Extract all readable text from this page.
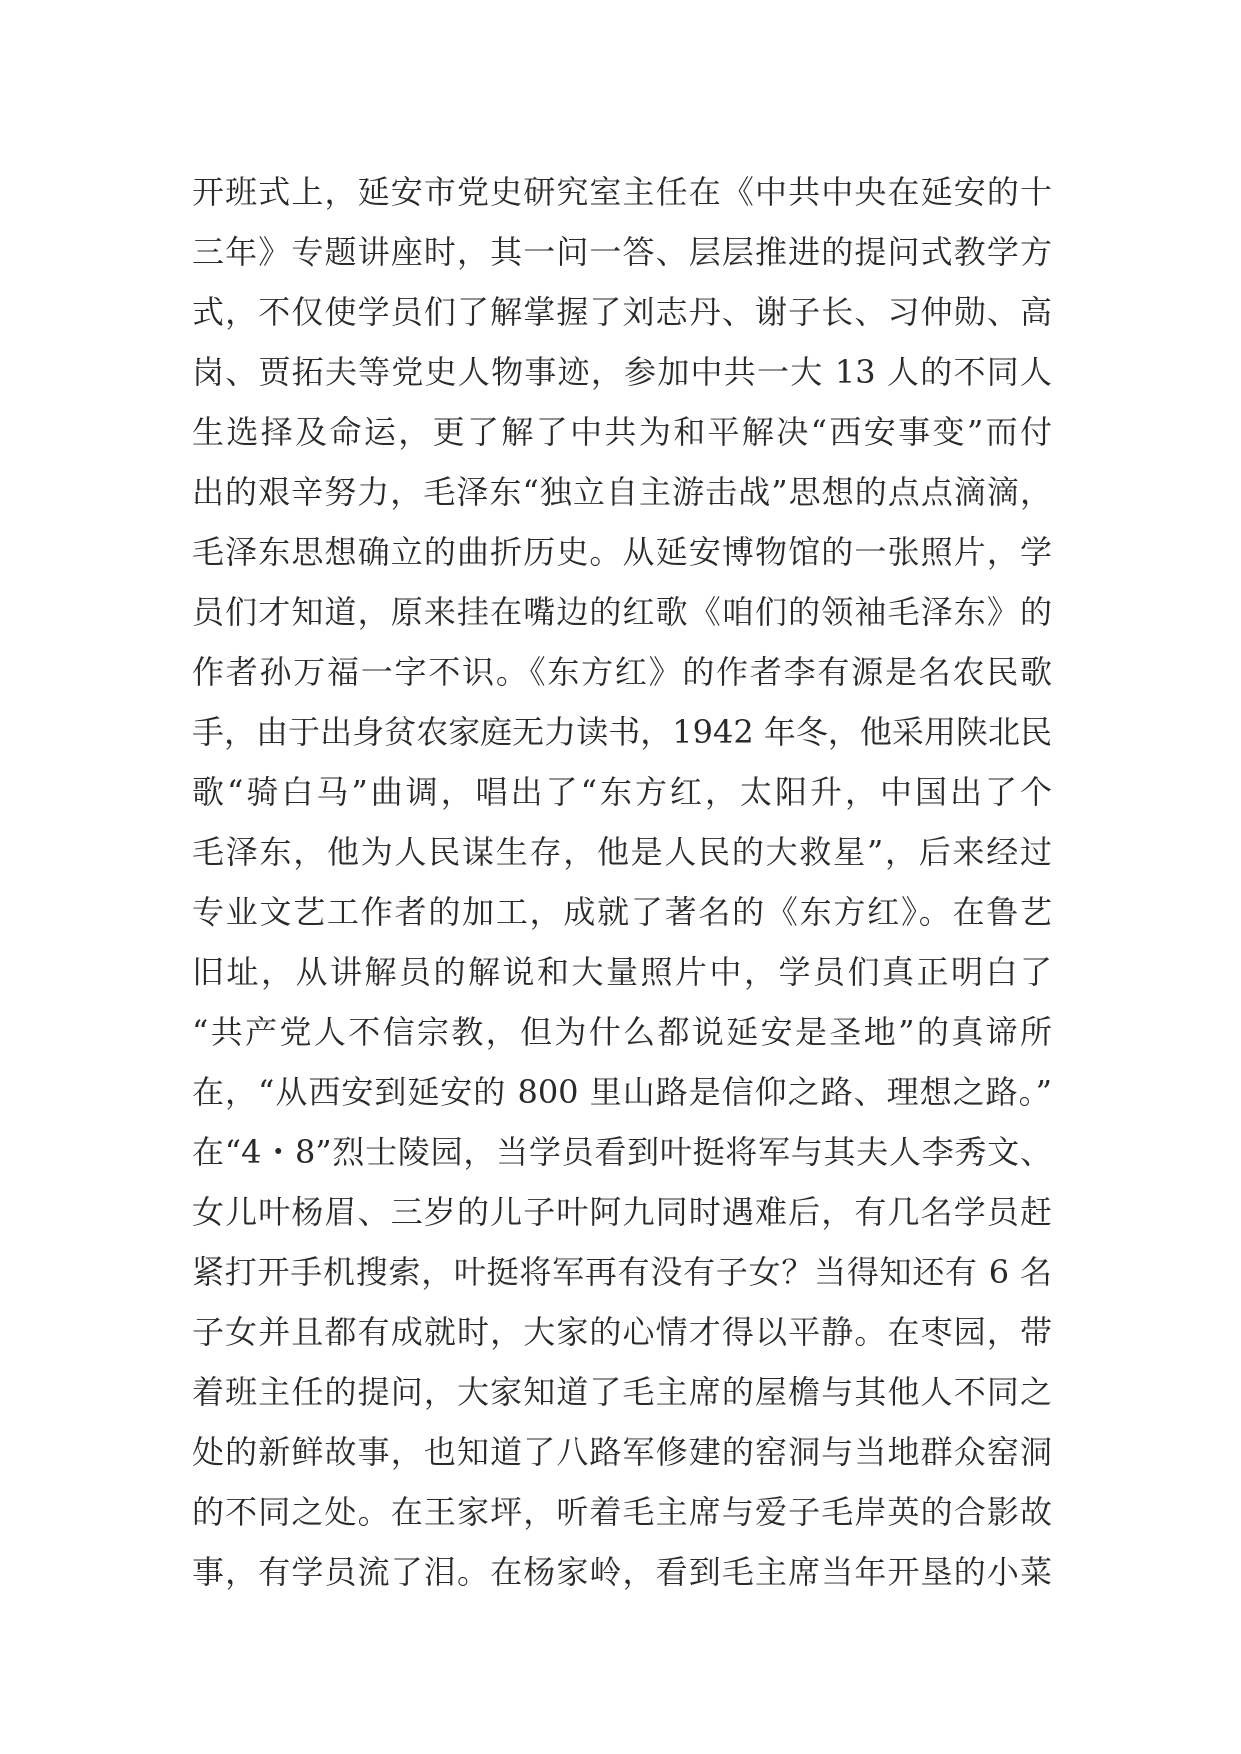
开班式上，延安市党史研究室主任在《中共中央在延安的十
三年》专题讲座时，其一问一答、层层推进的提问式教学方
式，不仅使学员们了解掌握了刘志丹、谢子长、习仲勋、高
岗、贾拓夫等党史人物事迹，参加中共一大 13 人的不同人
生选择及命运，更了解了中共为和平解决“西安事变”而付
出的艰辛努力，毛泽东“独立自主游击战”思想的点点滴滴，
毛泽东思想确立的曲折历史。从延安博物馆的一张照片，学
员们才知道，原来挂在嘴边的红歌《咱们的领袖毛泽东》的
作者孙万福一字不识。《东方红》的作者李有源是名农民歌
手，由于出身贫农家庭无力读书，1942 年冬，他采用陕北民
歌“骑白马”曲调，唱出了“东方红，太阳升，中国出了个
毛泽东，他为人民谋生存，他是人民的大救星”，后来经过
专业文艺工作者的加工，成就了著名的《东方红》。在鲁艺
旧址，从讲解员的解说和大量照片中，学员们真正明白了
“共产党人不信宗教，但为什么都说延安是圣地”的真谛所
在，“从西安到延安的 800 里山路是信仰之路、理想之路。”
在“4・8”烈士陵园，当学员看到叶挺将军与其夫人李秀文、
女儿叶杨眉、三岁的儿子叶阿九同时遇难后，有几名学员赶
紧打开手机搜索，叶挺将军再有没有子女？当得知还有 6 名
子女并且都有成就时，大家的心情才得以平静。在枣园，带
着班主任的提问，大家知道了毛主席的屋檐与其他人不同之
处的新鲜故事，也知道了八路军修建的窑洞与当地群众窑洞
的不同之处。在王家坪，听着毛主席与爱子毛岸英的合影故
事，有学员流了泪。在杨家岭，看到毛主席当年开垦的小菜
